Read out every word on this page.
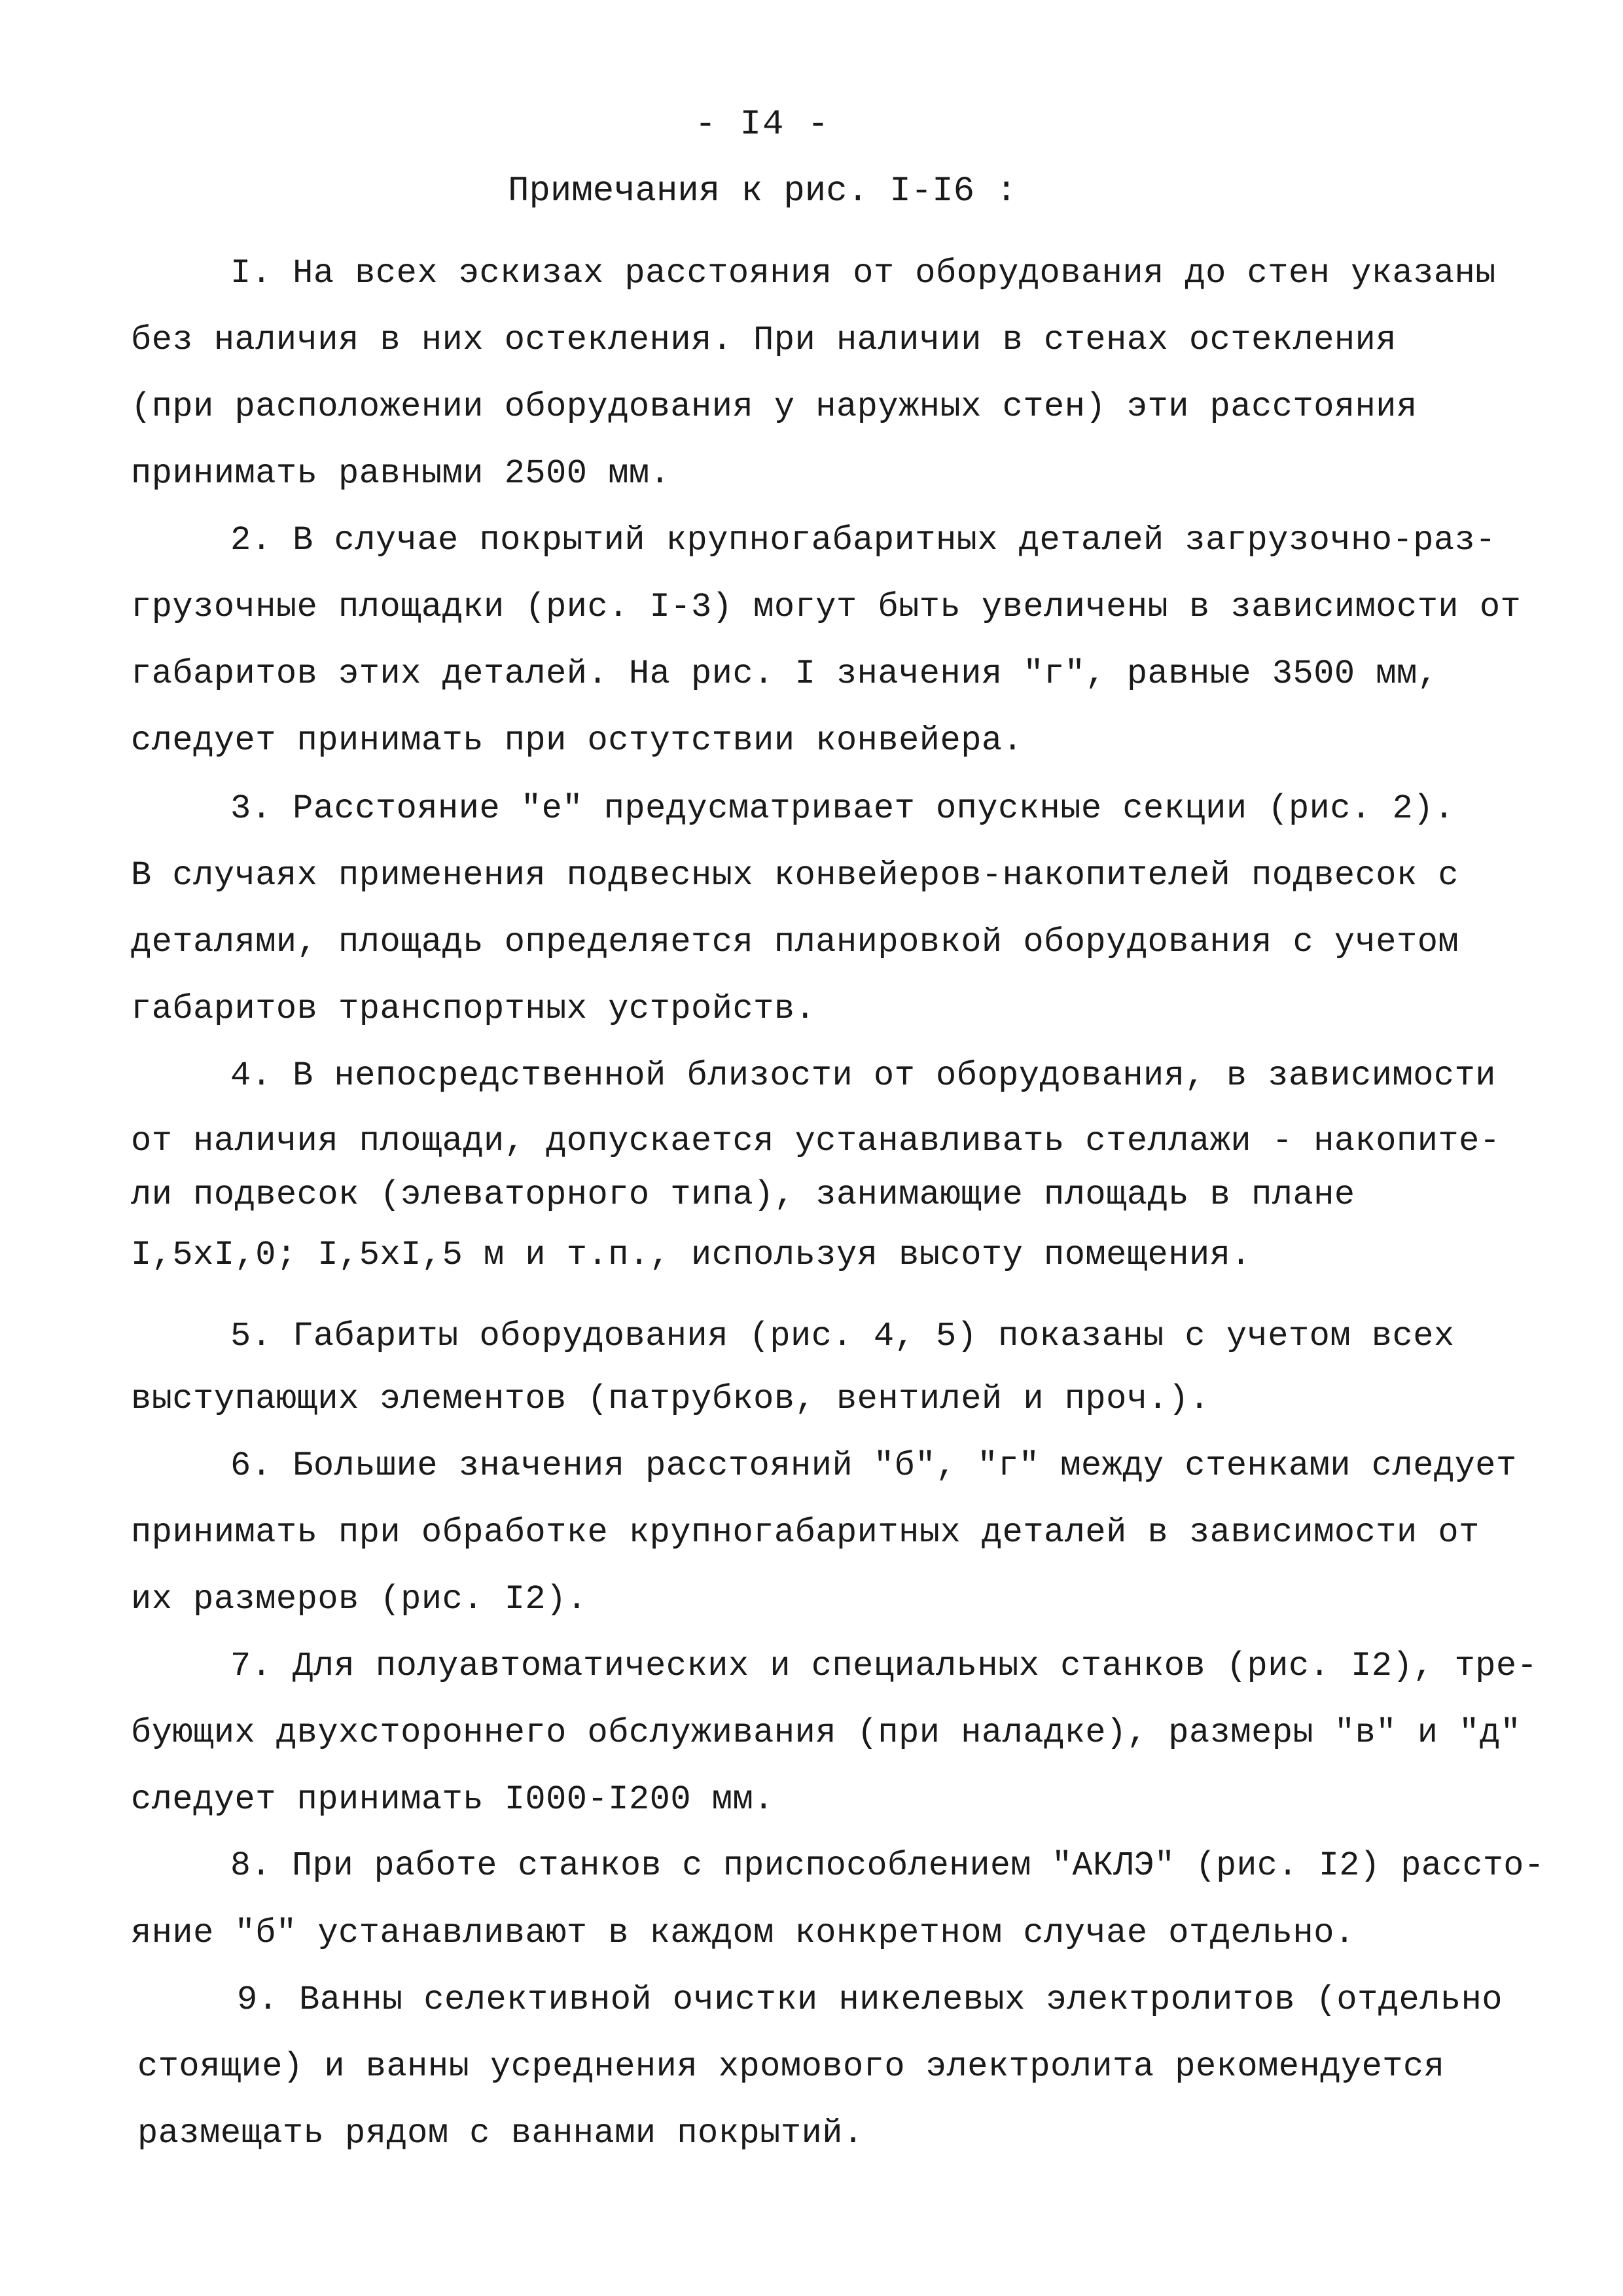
- I4 -
Примечания к рис. I-I6 :
I. На всех эскизах расстояния от оборудования до стен указаны
без наличия в них остекления. При наличии в стенах остекления
(при расположении оборудования у наружных стен) эти расстояния
принимать равными 2500 мм.
2. В случае покрытий крупногабаритных деталей загрузочно-раз-
грузочные площадки (рис. I-3) могут быть увеличены в зависимости от
габаритов этих деталей. На рис. I значения "г", равные 3500 мм,
следует принимать при остутствии конвейера.
3. Расстояние "е" предусматривает опускные секции (рис. 2).
В случаях применения подвесных конвейеров-накопителей подвесок с
деталями, площадь определяется планировкой оборудования с учетом
габаритов транспортных устройств.
4. В непосредственной близости от оборудования, в зависимости
от наличия площади, допускается устанавливать стеллажи - накопите-
ли подвесок (элеваторного типа), занимающие площадь в плане
I,5xI,0; I,5xI,5 м и т.п., используя высоту помещения.
5. Габариты оборудования (рис. 4, 5) показаны с учетом всех
выступающих элементов (патрубков, вентилей и проч.).
6. Большие значения расстояний "б", "г" между стенками следует
принимать при обработке крупногабаритных деталей в зависимости от
их размеров (рис. I2).
7. Для полуавтоматических и специальных станков (рис. I2), тре-
бующих двухстороннего обслуживания (при наладке), размеры "в" и "д"
следует принимать I000-I200 мм.
8. При работе станков с приспособлением "АКЛЭ" (рис. I2) рассто-
яние "б" устанавливают в каждом конкретном случае отдельно.
9. Ванны селективной очистки никелевых электролитов (отдельно
стоящие) и ванны усреднения хромового электролита рекомендуется
размещать рядом с ваннами покрытий.
